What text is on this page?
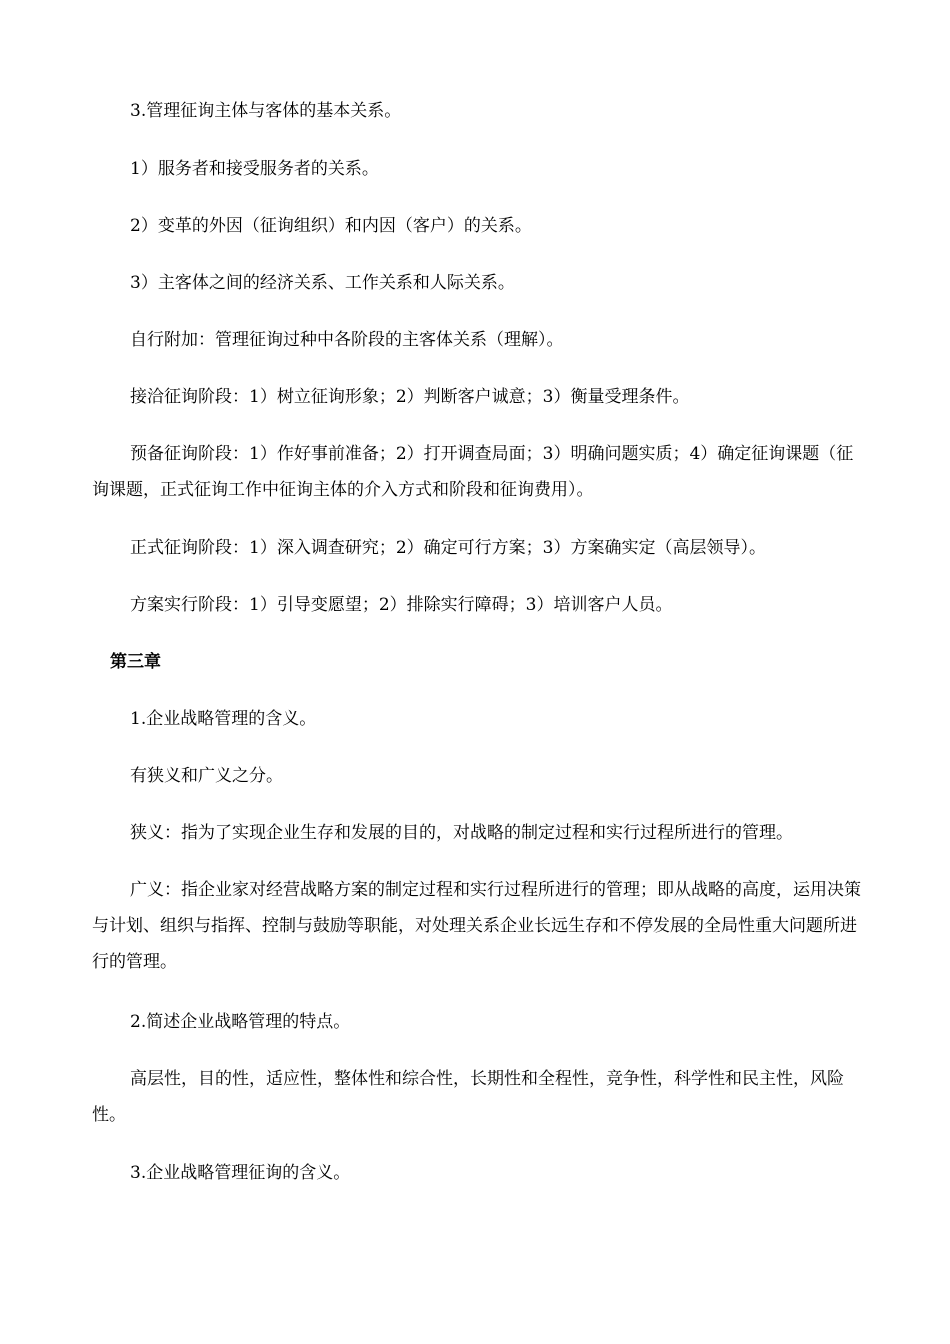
3.管理征询主体与客体的基本关系。

1）服务者和接受服务者的关系。

2）变革的外因（征询组织）和内因（客户）的关系。

3）主客体之间的经济关系、工作关系和人际关系。

自行附加：管理征询过种中各阶段的主客体关系（理解）。

接洽征询阶段：1）树立征询形象；2）判断客户诚意；3）衡量受理条件。

预备征询阶段：1）作好事前准备；2）打开调查局面；3）明确问题实质；4）确定征询课题（征询课题，正式征询工作中征询主体的介入方式和阶段和征询费用）。

正式征询阶段：1）深入调查研究；2）确定可行方案；3）方案确实定（高层领导）。

方案实行阶段：1）引导变愿望；2）排除实行障碍；3）培训客户人员。

第三章

1.企业战略管理的含义。

有狭义和广义之分。

狭义：指为了实现企业生存和发展的目的，对战略的制定过程和实行过程所进行的管理。

广义：指企业家对经营战略方案的制定过程和实行过程所进行的管理；即从战略的高度，运用决策与计划、组织与指挥、控制与鼓励等职能，对处理关系企业长远生存和不停发展的全局性重大问题所进行的管理。

2.简述企业战略管理的特点。

高层性，目的性，适应性，整体性和综合性，长期性和全程性，竞争性，科学性和民主性，风险性。

3.企业战略管理征询的含义。
